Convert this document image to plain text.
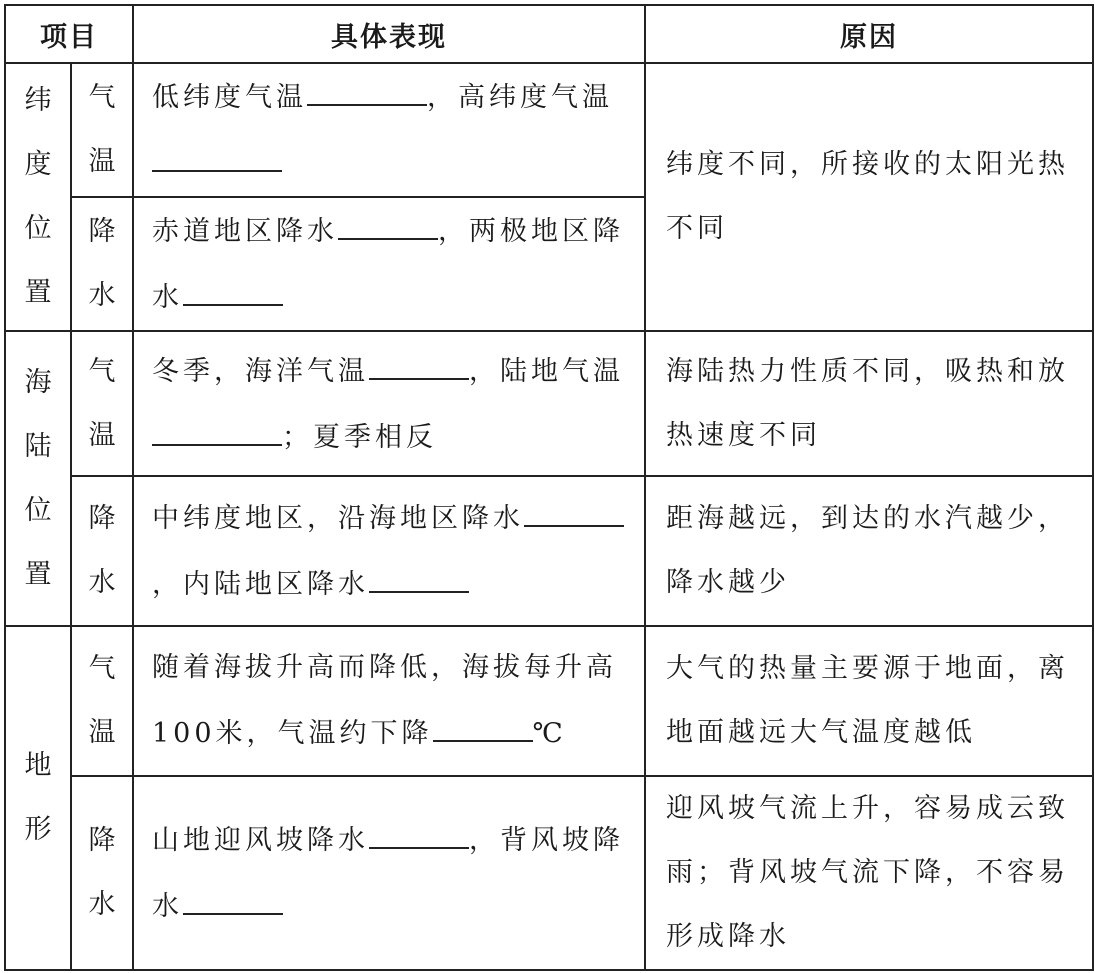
项目		具体表现	原因
纬度位置	气温	低纬度气温 ，高纬度气温	纬度不同，所接收的太阳光热不同
	降水	赤道地区降水 ，两极地区降水	
海陆位置	气温	冬季，海洋气温 ，陆地气温；夏季相反	海陆热力性质不同，吸热和放热速度不同
	降水	中纬度地区，沿海地区降水，内陆地区降水	距海越远，到达的水汽越少，降水越少
地形	气温	随着海拔升高而降低，海拔每升高100米，气温约下降 ℃	大气的热量主要源于地面，离地面越远大气温度越低
	降水	山地迎风坡降水 ，背风坡降水	迎风坡气流上升，容易成云致雨；背风坡气流下降，不容易形成降水
